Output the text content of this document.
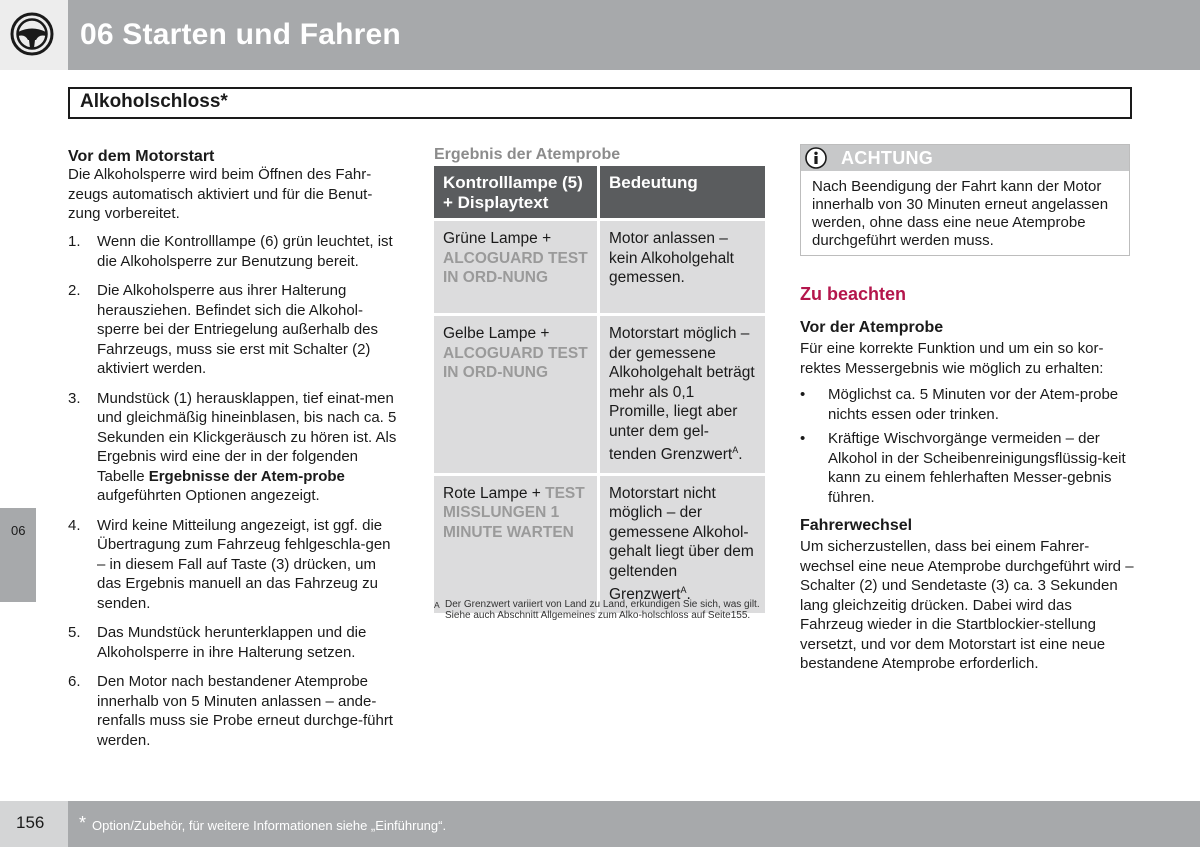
06 Starten und Fahren
Alkoholschloss*
Vor dem Motorstart
Die Alkoholsperre wird beim Öffnen des Fahr-zeugs automatisch aktiviert und für die Benut-zung vorbereitet.
1. Wenn die Kontrolllampe (6) grün leuchtet, ist die Alkoholsperre zur Benutzung bereit.
2. Die Alkoholsperre aus ihrer Halterung herausziehen. Befindet sich die Alkohol-sperre bei der Entriegelung außerhalb des Fahrzeugs, muss sie erst mit Schalter (2) aktiviert werden.
3. Mundstück (1) herausklappen, tief einat-men und gleichmäßig hineinblasen, bis nach ca. 5 Sekunden ein Klickgeräusch zu hören ist. Als Ergebnis wird eine der in der folgenden Tabelle Ergebnisse der Atem-probe aufgeführten Optionen angezeigt.
4. Wird keine Mitteilung angezeigt, ist ggf. die Übertragung zum Fahrzeug fehlgeschla-gen – in diesem Fall auf Taste (3) drücken, um das Ergebnis manuell an das Fahrzeug zu senden.
5. Das Mundstück herunterklappen und die Alkoholsperre in ihre Halterung setzen.
6. Den Motor nach bestandener Atemprobe innerhalb von 5 Minuten anlassen – ande-renfalls muss sie Probe erneut durchge-führt werden.
06
Ergebnis der Atemprobe
Kontrolllampe (5) + Displaytext	Bedeutung
Grüne Lampe + ALCOGUARD TEST IN ORD-NUNG	Motor anlassen – kein Alkoholgehalt gemessen.
Gelbe Lampe + ALCOGUARD TEST IN ORD-NUNG	Motorstart möglich – der gemessene Alkoholgehalt beträgt mehr als 0,1 Promille, liegt aber unter dem gel-tenden Grenzwert$^A$.
Rote Lampe + TEST MISSLUNGEN 1 MINUTE WARTEN	Motorstart nicht möglich – der gemessene Alkohol-gehalt liegt über dem geltenden Grenzwert$^A$.
A Der Grenzwert variiert von Land zu Land, erkundigen Sie sich, was gilt. Siehe auch Abschnitt Allgemeines zum Alko-holschloss auf Seite155.
ACHTUNG
Nach Beendigung der Fahrt kann der Motor innerhalb von 30 Minuten erneut angelassen werden, ohne dass eine neue Atemprobe durchgeführt werden muss.
Zu beachten
Vor der Atemprobe
Für eine korrekte Funktion und um ein so kor-rektes Messergebnis wie möglich zu erhalten:
• Möglichst ca. 5 Minuten vor der Atem-probe nichts essen oder trinken.
• Kräftige Wischvorgänge vermeiden – der Alkohol in der Scheibenreinigungsflüssig-keit kann zu einem fehlerhaften Messer-gebnis führen.
Fahrerwechsel
Um sicherzustellen, dass bei einem Fahrer-wechsel eine neue Atemprobe durchgeführt wird – Schalter (2) und Sendetaste (3) ca. 3 Sekunden lang gleichzeitig drücken. Dabei wird das Fahrzeug wieder in die Startblockier-stellung versetzt, und vor dem Motorstart ist eine neue bestandene Atemprobe erforderlich.
156 * Option/Zubehör, für weitere Informationen siehe „Einführung“.
